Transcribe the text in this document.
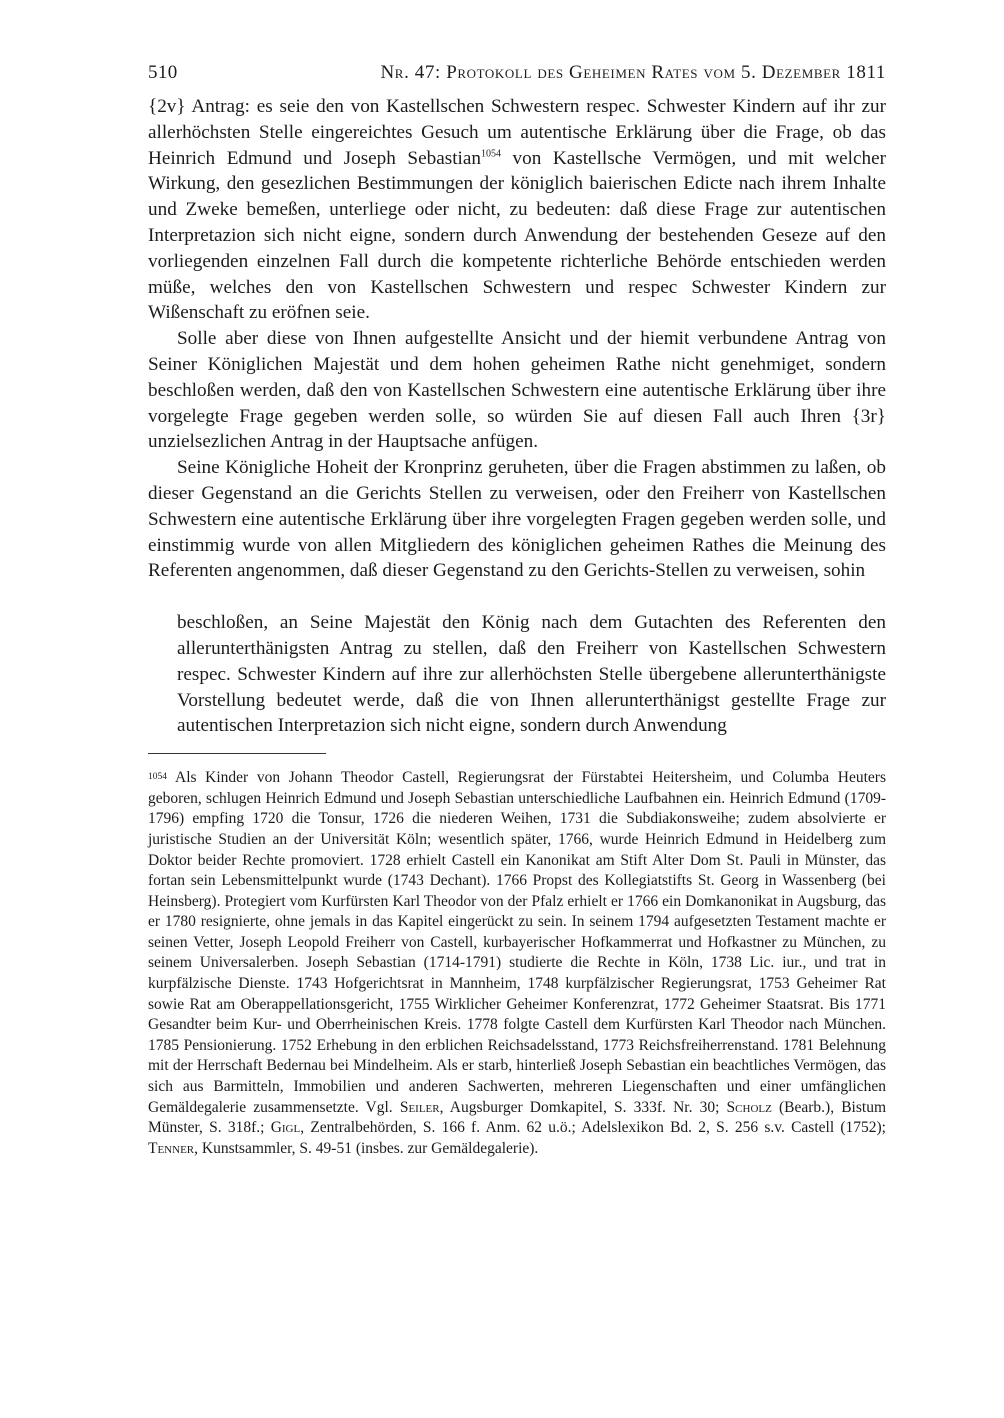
510	Nr. 47: Protokoll des Geheimen Rates vom 5. Dezember 1811

{2v} Antrag: es seie den von Kastellschen Schwestern respec. Schwester Kindern auf ihr zur allerhöchsten Stelle eingereichtes Gesuch um autentische Erklärung über die Frage, ob das Heinrich Edmund und Joseph Sebastian$^{1054}$ von Kastellsche Vermögen, und mit welcher Wirkung, den gesezlichen Bestimmungen der königlich baierischen Edicte nach ihrem Inhalte und Zweke bemeßen, unterliege oder nicht, zu bedeuten: daß diese Frage zur autentischen Interpretazion sich nicht eigne, sondern durch Anwendung der bestehenden Geseze auf den vorliegenden einzelnen Fall durch die kompetente richterliche Behörde entschieden werden müße, welches den von Kastellschen Schwestern und respec Schwester Kindern zur Wißenschaft zu eröfnen seie.

Solle aber diese von Ihnen aufgestellte Ansicht und der hiemit verbundene Antrag von Seiner Königlichen Majestät und dem hohen geheimen Rathe nicht genehmiget, sondern beschloßen werden, daß den von Kastellschen Schwestern eine autentische Erklärung über ihre vorgelegte Frage gegeben werden solle, so würden Sie auf diesen Fall auch Ihren {3r} unzielsezlichen Antrag in der Hauptsache anfügen.

Seine Königliche Hoheit der Kronprinz geruheten, über die Fragen abstimmen zu laßen, ob dieser Gegenstand an die Gerichts Stellen zu verweisen, oder den Freiherr von Kastellschen Schwestern eine autentische Erklärung über ihre vorgelegten Fragen gegeben werden solle, und einstimmig wurde von allen Mitgliedern des königlichen geheimen Rathes die Meinung des Referenten angenommen, daß dieser Gegenstand zu den Gerichts-Stellen zu verweisen, sohin

beschloßen, an Seine Majestät den König nach dem Gutachten des Referenten den allerunterthänigsten Antrag zu stellen, daß den Freiherr von Kastellschen Schwestern respec. Schwester Kindern auf ihre zur allerhöchsten Stelle übergebene allerunterthänigste Vorstellung bedeutet werde, daß die von Ihnen allerunterthänigst gestellte Frage zur autentischen Interpretazion sich nicht eigne, sondern durch Anwendung
$^{1054}$ Als Kinder von Johann Theodor Castell, Regierungsrat der Fürstabtei Heitersheim, und Columba Heuters geboren, schlugen Heinrich Edmund und Joseph Sebastian unterschiedliche Laufbahnen ein. Heinrich Edmund (1709-1796) empfing 1720 die Tonsur, 1726 die niederen Weihen, 1731 die Subdiakonsweihe; zudem absolvierte er juristische Studien an der Universität Köln; wesentlich später, 1766, wurde Heinrich Edmund in Heidelberg zum Doktor beider Rechte promoviert. 1728 erhielt Castell ein Kanonikat am Stift Alter Dom St. Pauli in Münster, das fortan sein Lebensmittelpunkt wurde (1743 Dechant). 1766 Propst des Kollegiatstifts St. Georg in Wassenberg (bei Heinsberg). Protegiert vom Kurfürsten Karl Theodor von der Pfalz erhielt er 1766 ein Domkanonikat in Augsburg, das er 1780 resignierte, ohne jemals in das Kapitel eingerückt zu sein. In seinem 1794 aufgesetzten Testament machte er seinen Vetter, Joseph Leopold Freiherr von Castell, kurbayerischer Hofkammerrat und Hofkastner zu München, zu seinem Universalerben. Joseph Sebastian (1714-1791) studierte die Rechte in Köln, 1738 Lic. iur., und trat in kurpfälzische Dienste. 1743 Hofgerichtsrat in Mannheim, 1748 kurpfälzischer Regierungsrat, 1753 Geheimer Rat sowie Rat am Oberappellationsgericht, 1755 Wirklicher Geheimer Konferenzrat, 1772 Geheimer Staatsrat. Bis 1771 Gesandter beim Kur- und Oberrheinischen Kreis. 1778 folgte Castell dem Kurfürsten Karl Theodor nach München. 1785 Pensionierung. 1752 Erhebung in den erblichen Reichsadelsstand, 1773 Reichsfreiherrenstand. 1781 Belehnung mit der Herrschaft Bedernau bei Mindelheim. Als er starb, hinterließ Joseph Sebastian ein beachtliches Vermögen, das sich aus Barmitteln, Immobilien und anderen Sachwerten, mehreren Liegenschaften und einer umfänglichen Gemäldegalerie zusammensetzte. Vgl. Seiler, Augsburger Domkapitel, S. 333f. Nr. 30; Scholz (Bearb.), Bistum Münster, S. 318f.; Gigl, Zentralbehörden, S. 166 f. Anm. 62 u.ö.; Adelslexikon Bd. 2, S. 256 s.v. Castell (1752); Tenner, Kunstsammler, S. 49-51 (insbes. zur Gemäldegalerie).
